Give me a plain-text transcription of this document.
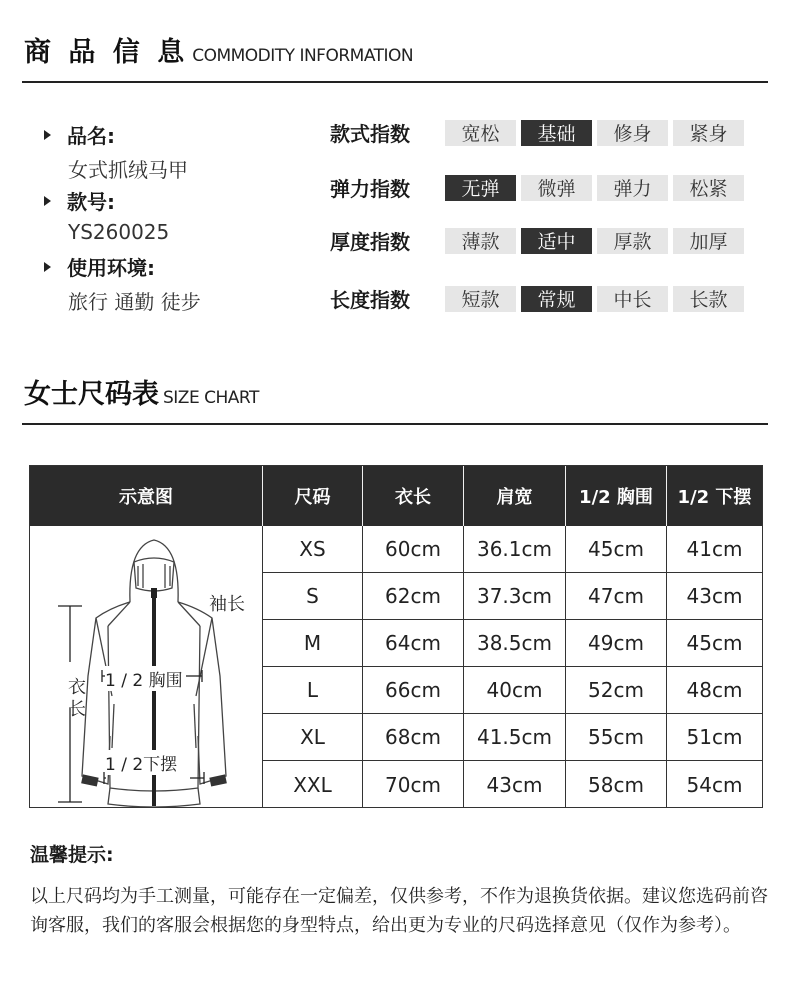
商 品 信 息 COMMODITY INFORMATION
品名:
女式抓绒马甲
款号:
YS260025
使用环境:
旅行 通勤 徒步
款式指数	宽松	基础	修身	紧身
弹力指数	无弹	微弹	弹力	松紧
厚度指数	薄款	适中	厚款	加厚
长度指数	短款	常规	中长	长款
女士尺码表 SIZE CHART
示意图	尺码	衣长	肩宽	1/2 胸围	1/2 下摆
袖长
1 / 2 胸围
衣
长
1 / 2下摆
XS	60cm	36.1cm	45cm	41cm
S	62cm	37.3cm	47cm	43cm
M	64cm	38.5cm	49cm	45cm
L	66cm	40cm	52cm	48cm
XL	68cm	41.5cm	55cm	51cm
XXL	70cm	43cm	58cm	54cm
温馨提示:
以上尺码均为手工测量，可能存在一定偏差，仅供参考，不作为退换货依据。建议您选码前咨询客服，我们的客服会根据您的身型特点，给出更为专业的尺码选择意见（仅作为参考）。
